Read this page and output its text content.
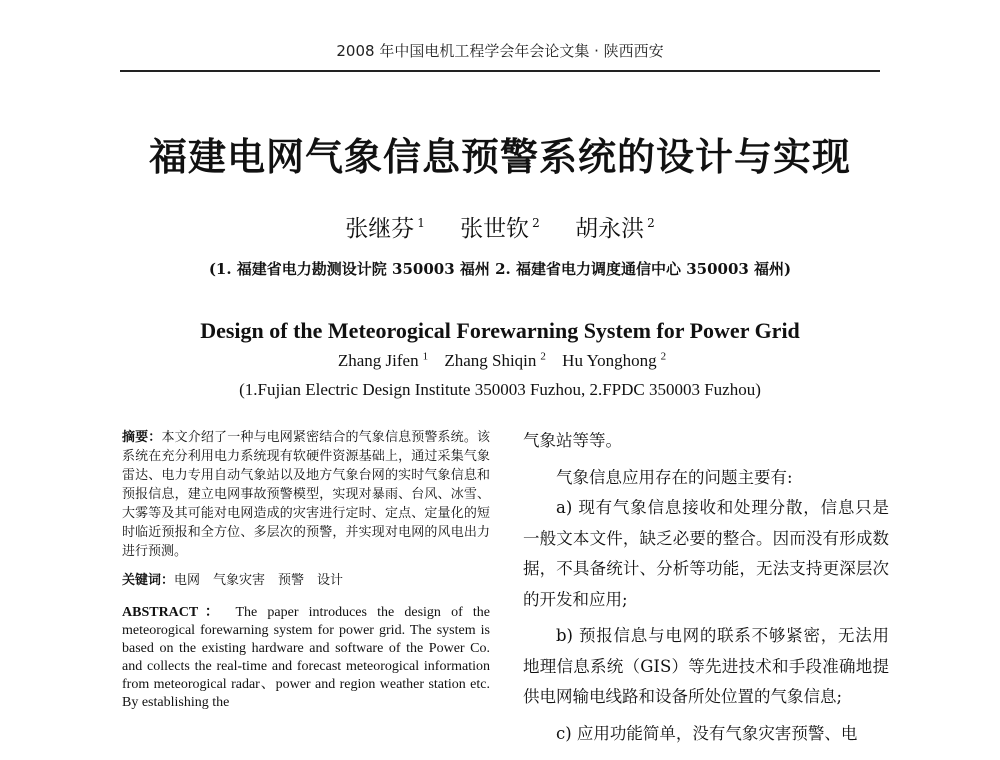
2008 年中国电机工程学会年会论文集 · 陕西西安
福建电网气象信息预警系统的设计与实现
张继芬 $^1$ 张世钦 $^2$ 胡永洪 $^2$
(1. 福建省电力勘测设计院 350003 福州 2. 福建省电力调度通信中心 350003 福州)
Design of the Meteorogical Forewarning System for Power Grid
Zhang Jifen $^1$ Zhang Shiqin $^2$ Hu Yonghong $^2$
(1.Fujian Electric Design Institute 350003 Fuzhou, 2.FPDC 350003 Fuzhou)

摘要：本文介绍了一种与电网紧密结合的气象信息预警系统。该系统在充分利用电力系统现有软硬件资源基础上，通过采集气象雷达、电力专用自动气象站以及地方气象台网的实时气象信息和预报信息，建立电网事故预警模型，实现对暴雨、台风、冰雪、大雾等及其可能对电网造成的灾害进行定时、定点、定量化的短时临近预报和全方位、多层次的预警，并实现对电网的风电出力进行预测。

关键词：电网　气象灾害　预警　设计

ABSTRACT： The paper introduces the design of the meteorogical forewarning system for power grid. The system is based on the existing hardware and software of the Power Co. and collects the real-time and forecast meteorogical information from meteorogical radar、power and region weather station etc. By establishing the

气象站等等。

气象信息应用存在的问题主要有:

a) 现有气象信息接收和处理分散，信息只是一般文本文件，缺乏必要的整合。因而没有形成数据，不具备统计、分析等功能，无法支持更深层次的开发和应用;

b) 预报信息与电网的联系不够紧密，无法用地理信息系统（GIS）等先进技术和手段准确地提供电网输电线路和设备所处位置的气象信息;

c) 应用功能简单，没有气象灾害预警、电
